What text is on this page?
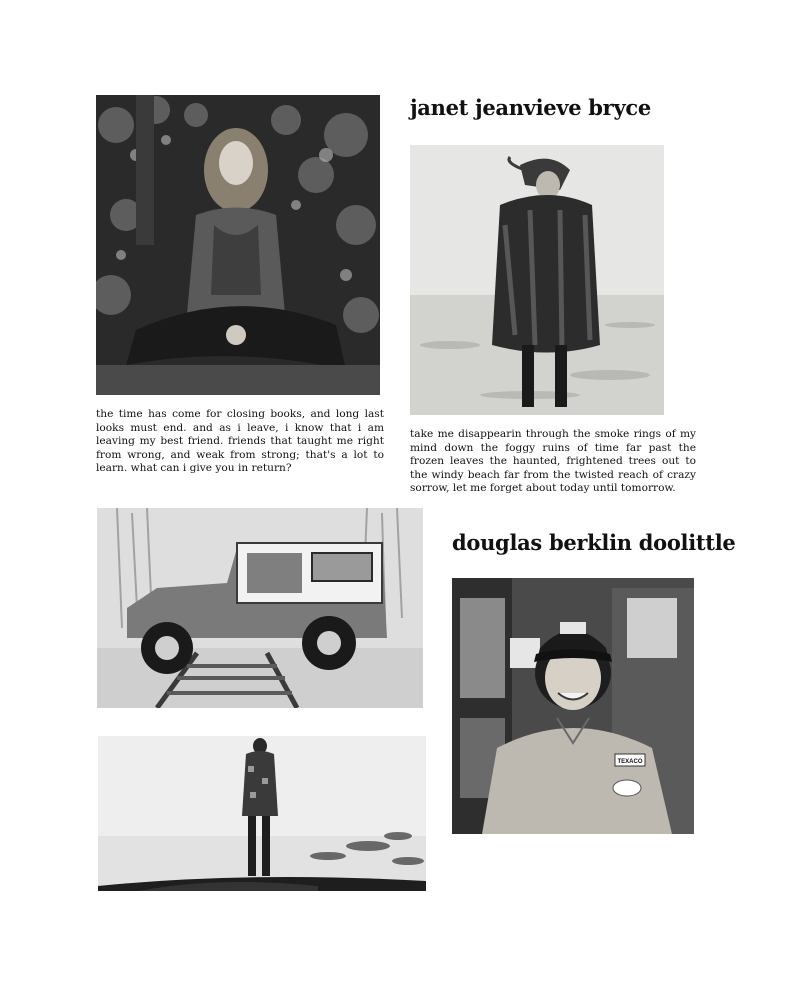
janet jeanvieve bryce

the time has come for closing books, and long last looks must end. and as i leave, i know that i am leaving my best friend. friends that taught me right from wrong, and weak from strong; that's a lot to learn. what can i give you in return?

take me disappearin through the smoke rings of my mind down the foggy ruins of time far past the frozen leaves the haunted, frightened trees out to the windy beach far from the twisted reach of crazy sorrow, let me forget about today until tomorrow.

douglas berklin doolittle
TEXACO
